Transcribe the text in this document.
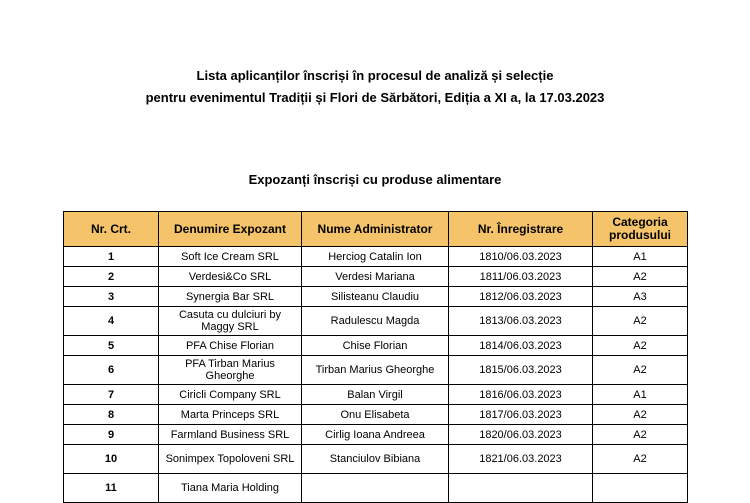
Lista aplicanților înscriși în procesul de analiză și selecție
pentru evenimentul Tradiții și Flori de Sărbători, Ediția a XI a, la 17.03.2023
Expozanți înscriși cu produse alimentare
Nr. Crt.	Denumire Expozant	Nume Administrator	Nr. Înregistrare	Categoria produsului
1	Soft Ice Cream SRL	Herciog Catalin Ion	1810/06.03.2023	A1
2	Verdesi&Co SRL	Verdesi Mariana	1811/06.03.2023	A2
3	Synergia Bar SRL	Silisteanu Claudiu	1812/06.03.2023	A3
4	Casuta cu dulciuri by Maggy SRL	Radulescu Magda	1813/06.03.2023	A2
5	PFA Chise Florian	Chise Florian	1814/06.03.2023	A2
6	PFA Tirban Marius Gheorghe	Tirban Marius Gheorghe	1815/06.03.2023	A2
7	Ciricli Company SRL	Balan Virgil	1816/06.03.2023	A1
8	Marta Princeps SRL	Onu Elisabeta	1817/06.03.2023	A2
9	Farmland Business SRL	Cirlig Ioana Andreea	1820/06.03.2023	A2
10	Sonimpex Topoloveni SRL	Stanciulov Bibiana	1821/06.03.2023	A2
11	Tiana Maria Holding			
